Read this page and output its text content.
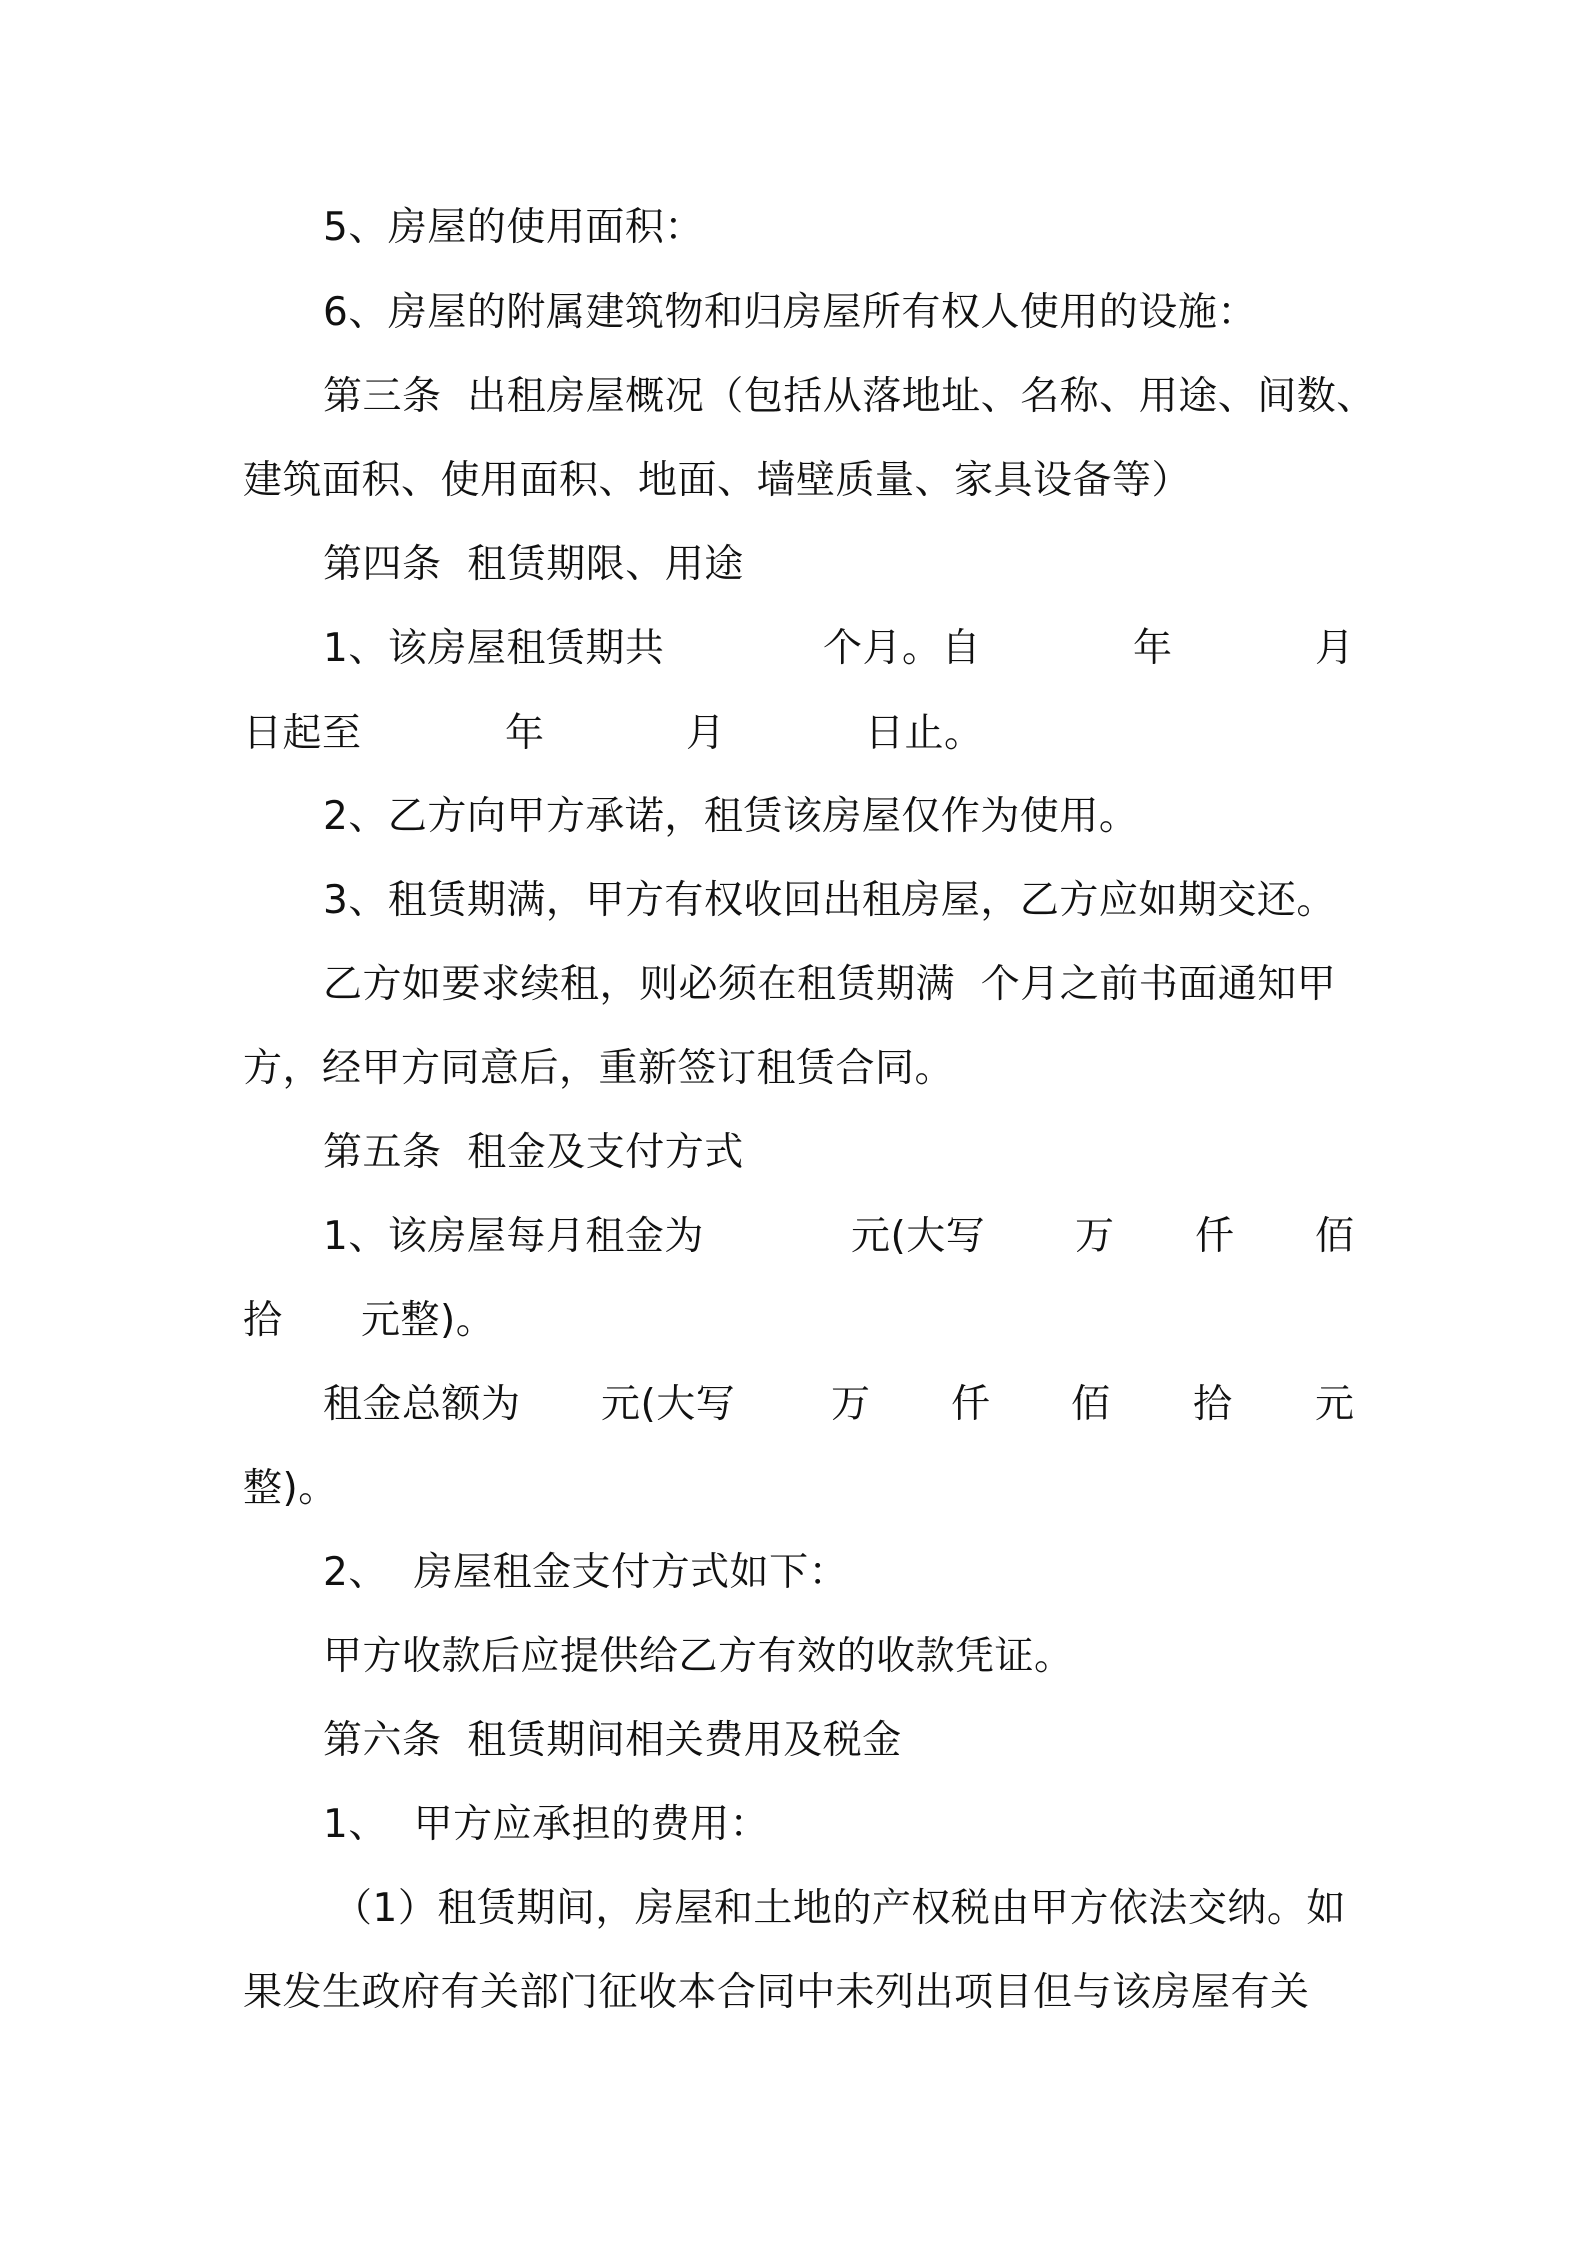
5、房屋的使用面积：

6、房屋的附属建筑物和归房屋所有权人使用的设施：

第三条  出租房屋概况（包括从落地址、名称、用途、间数、

建筑面积、使用面积、地面、墙壁质量、家具设备等）

第四条  租赁期限、用途

1、该房屋租赁期共

	个月。自

	年

	月

日起至

	年

	月

	日止。

2、乙方向甲方承诺，租赁该房屋仅作为使用。

3、租赁期满，甲方有权收回出租房屋，乙方应如期交还。

乙方如要求续租，则必须在租赁期满  个月之前书面通知甲

方，经甲方同意后，重新签订租赁合同。

第五条  租金及支付方式

1、该房屋每月租金为

	元(大写

万

仟

佰

拾

元整)。

租金总额为

元(大写

万

仟

佰

拾

元

整)。

2、  房屋租金支付方式如下：

甲方收款后应提供给乙方有效的收款凭证。

第六条  租赁期间相关费用及税金

1、  甲方应承担的费用：

（1）租赁期间，房屋和土地的产权税由甲方依法交纳。如

果发生政府有关部门征收本合同中未列出项目但与该房屋有关
